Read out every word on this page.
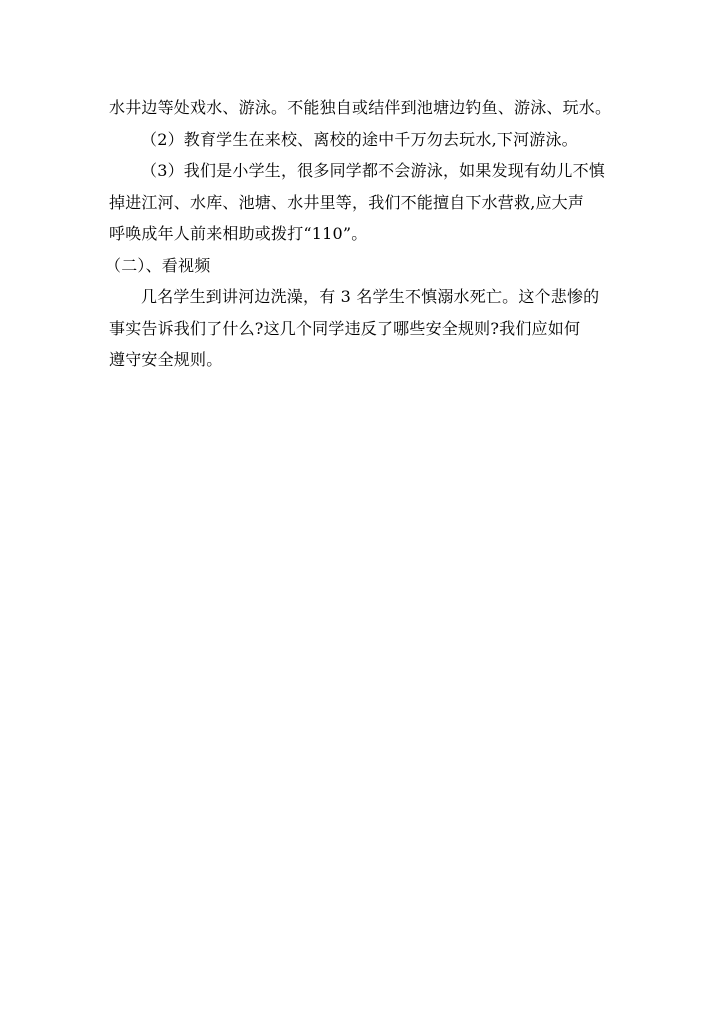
水井边等处戏水、游泳。不能独自或结伴到池塘边钓鱼、游泳、玩水。
（2）教育学生在来校、离校的途中千万勿去玩水,下河游泳。
（3）我们是小学生，很多同学都不会游泳，如果发现有幼儿不慎
掉进江河、水库、池塘、水井里等，我们不能擅自下水营救,应大声
呼唤成年人前来相助或拨打“110”。
（二）、看视频
几名学生到讲河边洗澡，有 3 名学生不慎溺水死亡。这个悲惨的
事实告诉我们了什么?这几个同学违反了哪些安全规则?我们应如何
遵守安全规则。
